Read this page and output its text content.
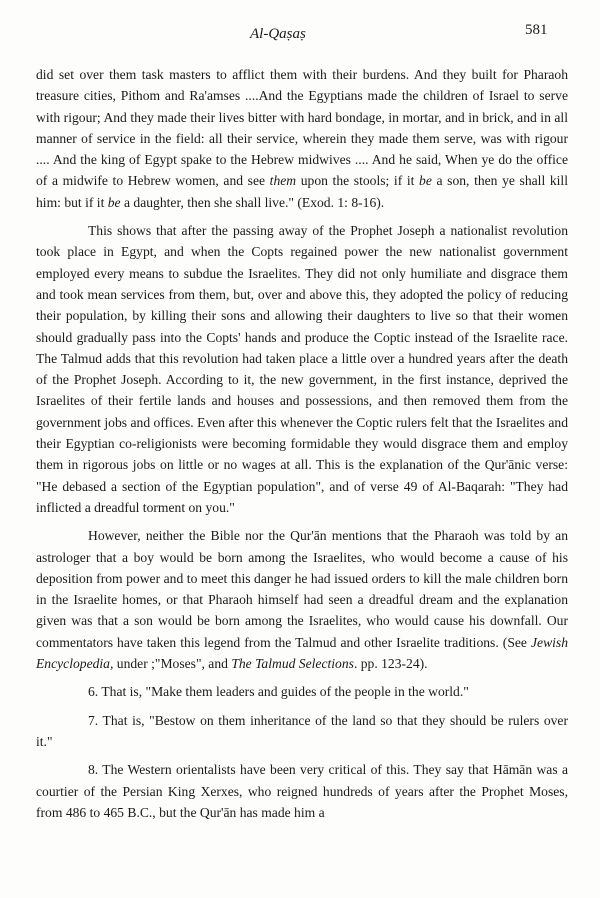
Al-Qaṣaṣ	581

did set over them task masters to afflict them with their burdens. And they built for Pharaoh treasure cities, Pithom and Ra'amses ....And the Egyptians made the children of Israel to serve with rigour; And they made their lives bitter with hard bondage, in mortar, and in brick, and in all manner of service in the field: all their service, wherein they made them serve, was with rigour .... And the king of Egypt spake to the Hebrew midwives .... And he said, When ye do the office of a midwife to Hebrew women, and see them upon the stools; if it be a son, then ye shall kill him: but if it be a daughter, then she shall live." (Exod. 1: 8-16).

This shows that after the passing away of the Prophet Joseph a nationalist revolution took place in Egypt, and when the Copts regained power the new nationalist government employed every means to subdue the Israelites. They did not only humiliate and disgrace them and took mean services from them, but, over and above this, they adopted the policy of reducing their population, by killing their sons and allowing their daughters to live so that their women should gradually pass into the Copts' hands and produce the Coptic instead of the Israelite race. The Talmud adds that this revolution had taken place a little over a hundred years after the death of the Prophet Joseph. According to it, the new government, in the first instance, deprived the Israelites of their fertile lands and houses and possessions, and then removed them from the government jobs and offices. Even after this whenever the Coptic rulers felt that the Israelites and their Egyptian co-religionists were becoming formidable they would disgrace them and employ them in rigorous jobs on little or no wages at all. This is the explanation of the Qur'ānic verse: "He debased a section of the Egyptian population", and of verse 49 of Al-Baqarah: "They had inflicted a dreadful torment on you."

However, neither the Bible nor the Qur'ān mentions that the Pharaoh was told by an astrologer that a boy would be born among the Israelites, who would become a cause of his deposition from power and to meet this danger he had issued orders to kill the male children born in the Israelite homes, or that Pharaoh himself had seen a dreadful dream and the explanation given was that a son would be born among the Israelites, who would cause his downfall. Our commentators have taken this legend from the Talmud and other Israelite traditions. (See Jewish Encyclopedia, under ;"Moses", and The Talmud Selections. pp. 123-24).

6. That is, "Make them leaders and guides of the people in the world."

7. That is, "Bestow on them inheritance of the land so that they should be rulers over it."

8. The Western orientalists have been very critical of this. They say that Hāmān was a courtier of the Persian King Xerxes, who reigned hundreds of years after the Prophet Moses, from 486 to 465 B.C., but the Qur'ān has made him a
